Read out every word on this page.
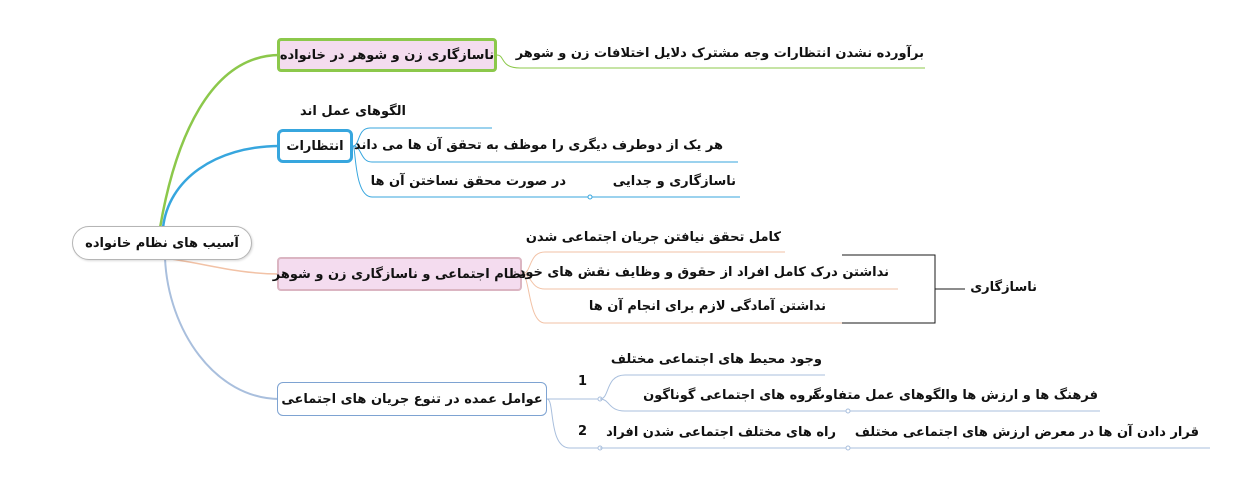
آسیب های نظام خانواده
ناسازگاری زن و شوهر در خانواده برآورده نشدن انتظارات وجه مشترک دلایل اختلافات زن و شوهر
انتظارات
الگوهای عمل اند
هر یک از دوطرف دیگری را موظف به تحقق آن ها می داند
در صورت محقق نساختن آن ها	ناسازگاری و جدایی
نظام اجتماعی و ناسازگاری زن و شوهر
کامل تحقق نیافتن جریان اجتماعی شدن
نداشتن درک کامل افراد از حقوق و وظایف نقش های خود
نداشتن آمادگی لازم برای انجام آن ها
ناسازگاری
عوامل عمده در تنوع جریان های اجتماعی
1
2
وجود محیط های اجتماعی مختلف
گروه های اجتماعی گوناگون
فرهنگ ها و ارزش ها والگوهای عمل متفاوت
راه های مختلف اجتماعی شدن افراد قرار دادن آن ها در معرض ارزش های اجتماعی مختلف
